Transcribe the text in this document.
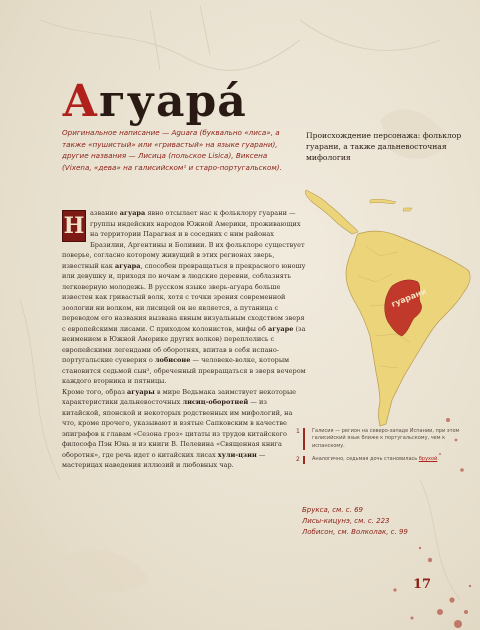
Агуара́

Оригинальное написание — Aguara (буквально «лиса», а также «пушистый» или «гривастый» на языке гуарани), другие названия — Лисица (польское Lisica), Виксена (Vixena, «дева» на галисийском¹ и старо-португальском).

Происхождение персонажа: фольклор гуарани, а также дальневосточная мифология

Н азвание агуара явно отсылает нас к фольклору гуарани — группы индейских народов Южной Америки, проживающих на территории Парагвая и в соседних с ним районах Бразилии, Аргентины и Боливии. В их фольклоре существует поверье, согласно которому живущий в этих регионах зверь, известный как агуара, способен превращаться в прекрасного юношу или девушку и, приходя по ночам в людские деревни, соблазнять легковерную молодежь. В русском языке зверь-агуара больше известен как гривастый волк, хотя с точки зрения современной зоологии ни волком, ни лисицей он не является, а путаница с переводом его названия вызвана явным визуальным сходством зверя с европейскими лисами. С приходом колонистов, мифы об агуаре (за неимением в Южной Америке других волков) переплелись с европейскими легендами об оборотнях, впитав в себя испано-португальские суеверия о лобисоне — человеке-волке, которым становится седьмой сын², обреченный превращаться в зверя вечером каждого вторника и пятницы.

Кроме того, образ агуары в мире Ведьмака заимствует некоторые характеристики дальневосточных лисиц-оборотней — из китайской, японской и некоторых родственных им мифологий, на что, кроме прочего, указывают и взятые Сапковским в качестве эпиграфов к главам «Сезона гроз» цитаты из трудов китайского философа Пэн Юнь и из книги В. Пелевина «Священная книга оборотня», где речь идет о китайских лисах хули-цзин — мастерицах наведения иллюзий и любовных чар.

гуарани
1 Галисия — регион на северо-западе Испании, при этом галисийский язык ближе к португальскому, чем к испанскому.
2 Аналогично, седьмая дочь становилась брухой.
Брукса, см. с. 69
Лисы-кицунэ, см. с. 223
Лобисон, см. Волколак, с. 99
17
